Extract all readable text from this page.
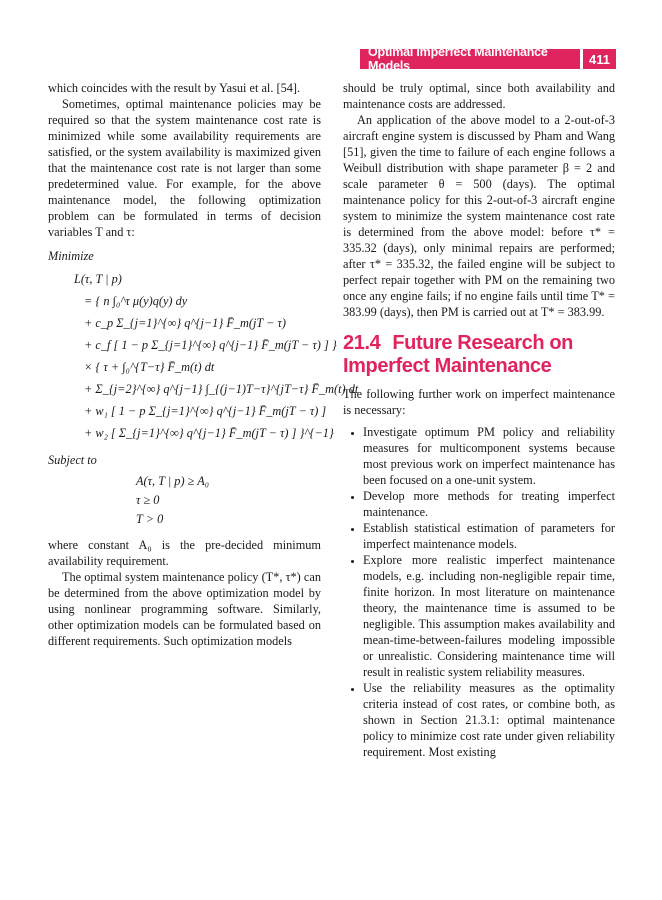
Optimal Imperfect Maintenance Models	411

which coincides with the result by Yasui et al. [54].

Sometimes, optimal maintenance policies may be required so that the system maintenance cost rate is minimized while some availability requirements are satisfied, or the system availability is maximized given that the maintenance cost rate is not larger than some predetermined value. For example, for the above maintenance model, the following optimization problem can be formulated in terms of decision variables T and τ:

Minimize
L(τ, T | p)
= { n ∫₀^τ μ(y)q(y) dy
+ c_p Σ_{j=1}^{∞} q^{j−1} F̄_m(jT − τ)
+ c_f [ 1 − p Σ_{j=1}^{∞} q^{j−1} F̄_m(jT − τ) ] }
× { τ + ∫₀^{T−τ} F̄_m(t) dt
+ Σ_{j=2}^{∞} q^{j−1} ∫_{(j−1)T−τ}^{jT−τ} F̄_m(t) dt
+ w₁ [ 1 − p Σ_{j=1}^{∞} q^{j−1} F̄_m(jT − τ) ]
+ w₂ [ Σ_{j=1}^{∞} q^{j−1} F̄_m(jT − τ) ] }^{−1}
Subject to
A(τ, T | p) ≥ A₀
τ ≥ 0
T > 0

where constant A₀ is the pre-decided minimum availability requirement.

The optimal system maintenance policy (T*, τ*) can be determined from the above optimization model by using nonlinear programming software. Similarly, other optimization models can be formulated based on different requirements. Such optimization models

should be truly optimal, since both availability and maintenance costs are addressed.

An application of the above model to a 2-out-of-3 aircraft engine system is discussed by Pham and Wang [51], given the time to failure of each engine follows a Weibull distribution with shape parameter β = 2 and scale parameter θ = 500 (days). The optimal maintenance policy for this 2-out-of-3 aircraft engine system to minimize the system maintenance cost rate is determined from the above model: before τ* = 335.32 (days), only minimal repairs are performed; after τ* = 335.32, the failed engine will be subject to perfect repair together with PM on the remaining two once any engine fails; if no engine fails until time T* = 383.99 (days), then PM is carried out at T* = 383.99.

21.4 Future Research on Imperfect Maintenance

The following further work on imperfect maintenance is necessary:

• Investigate optimum PM policy and reliability measures for multicomponent systems because most previous work on imperfect maintenance has been focused on a one-unit system.
• Develop more methods for treating imperfect maintenance.
• Establish statistical estimation of parameters for imperfect maintenance models.
• Explore more realistic imperfect maintenance models, e.g. including non-negligible repair time, finite horizon. In most literature on maintenance theory, the maintenance time is assumed to be negligible. This assumption makes availability and mean-time-between-failures modeling impossible or unrealistic. Considering maintenance time will result in realistic system reliability measures.
• Use the reliability measures as the optimality criteria instead of cost rates, or combine both, as shown in Section 21.3.1: optimal maintenance policy to minimize cost rate under given reliability requirement. Most existing
